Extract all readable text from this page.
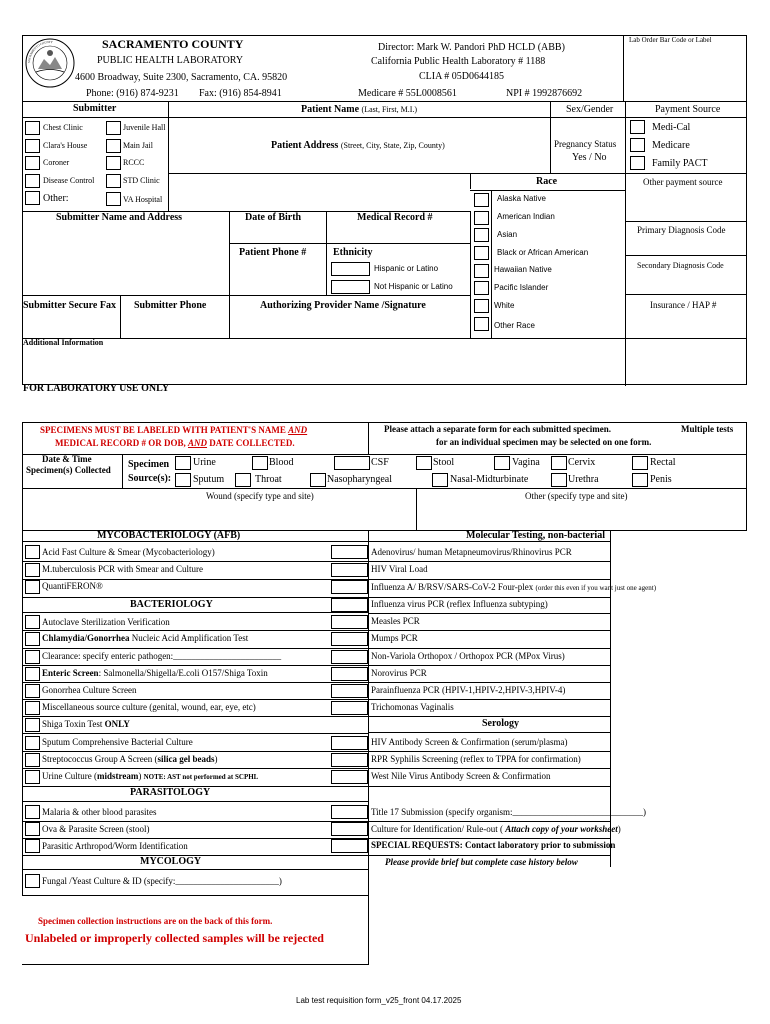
SACRAMENTO COUNTY	SACRAMENTO COUNTY
PUBLIC HEALTH LABORATORY
4600 Broadway, Suite 2300, Sacramento, CA. 95820
Phone: (916) 874-9231 Fax: (916) 854-8941
Director: Mark W. Pandori PhD HCLD (ABB)
California Public Health Laboratory # 1188
CLIA # 05D0644185
Medicare # 55L0008561	NPI # 1992876692
Lab Order Bar Code or Label
Submitter	Patient Name (Last, First, M.I.)	Sex/Gender	Payment Source
Chest Clinic	Juvenile Hall
Clara's House	Main Jail
Coroner	RCCC
Disease Control	STD Clinic
Other:	VA Hospital
Medi-Cal
Medicare
Family PACT
Other payment source
Patient Address (Street, City, State, Zip, County)	Pregnancy Status
Yes / No
Race
Alaska Native
American Indian
Asian
Black or African American
Hawaiian Native
Pacific Islander
White
Other Race
Submitter Name and Address	Date of Birth	Medical Record #
Primary Diagnosis Code
Secondary Diagnosis Code
Patient Phone #	Ethnicity
Hispanic or Latino
Not Hispanic or Latino
Submitter Secure Fax Submitter Phone	Authorizing Provider Name /Signature	Insurance / HAP #
Additional Information
FOR LABORATORY USE ONLY
SPECIMENS MUST BE LABELED WITH PATIENT'S NAME AND
MEDICAL RECORD # OR DOB, AND DATE COLLECTED.
Please attach a separate form for each submitted specimen.	Multiple tests
for an individual specimen may be selected on one form.
Date & Time
Specimen(s) Collected Specimen
Source(s):
Urine	Blood	CSF	Stool	Vagina	Cervix	Rectal
Sputum	Throat	Nasopharyngeal	Nasal-Midturbinate	Urethra	Penis
Wound (specify type and site)	Other (specify type and site)
MYCOBACTERIOLOGY (AFB)	Molecular Testing, non-bacterial
Acid Fast Culture & Smear (Mycobacteriology)
M.tuberculosis PCR with Smear and Culture
QuantiFERON®
BACTERIOLOGY
Autoclave Sterilization Verification
Chlamydia/Gonorrhea Nucleic Acid Amplification Test
Clearance: specify enteric pathogen:________________________
Enteric Screen: Salmonella/Shigella/E.coli O157/Shiga Toxin
Gonorrhea Culture Screen
Miscellaneous source culture (genital, wound, ear, eye, etc)
Shiga Toxin Test ONLY
Sputum Comprehensive Bacterial Culture
Streptococcus Group A Screen (silica gel beads)
Urine Culture (midstream) NOTE: AST not performed at SCPHL
PARASITOLOGY
Malaria & other blood parasites
Ova & Parasite Screen (stool)
Parasitic Arthropod/Worm Identification
MYCOLOGY
Fungal /Yeast Culture & ID (specify:_______________________)
Adenovirus/ human Metapneumovirus/Rhinovirus PCR
HIV Viral Load
Influenza A/ B/RSV/SARS-CoV-2 Four-plex (order this even if you want just one agent)
Influenza virus PCR (reflex Influenza subtyping)
Measles PCR
Mumps PCR
Non-Variola Orthopox / Orthopox PCR (MPox Virus)
Norovirus PCR
Parainfluenza PCR (HPIV-1,HPIV-2,HPIV-3,HPIV-4)
Trichomonas Vaginalis
Serology
HIV Antibody Screen & Confirmation (serum/plasma)
RPR Syphilis Screening (reflex to TPPA for confirmation)
West Nile Virus Antibody Screen & Confirmation
Title 17 Submission (specify organism:_____________________________)
Culture for Identification/ Rule-out ( Attach copy of your worksheet)
SPECIAL REQUESTS: Contact laboratory prior to submission
Please provide brief but complete case history below
Specimen collection instructions are on the back of this form.
Unlabeled or improperly collected samples will be rejected
Lab test requisition form_v25_front 04.17.2025
